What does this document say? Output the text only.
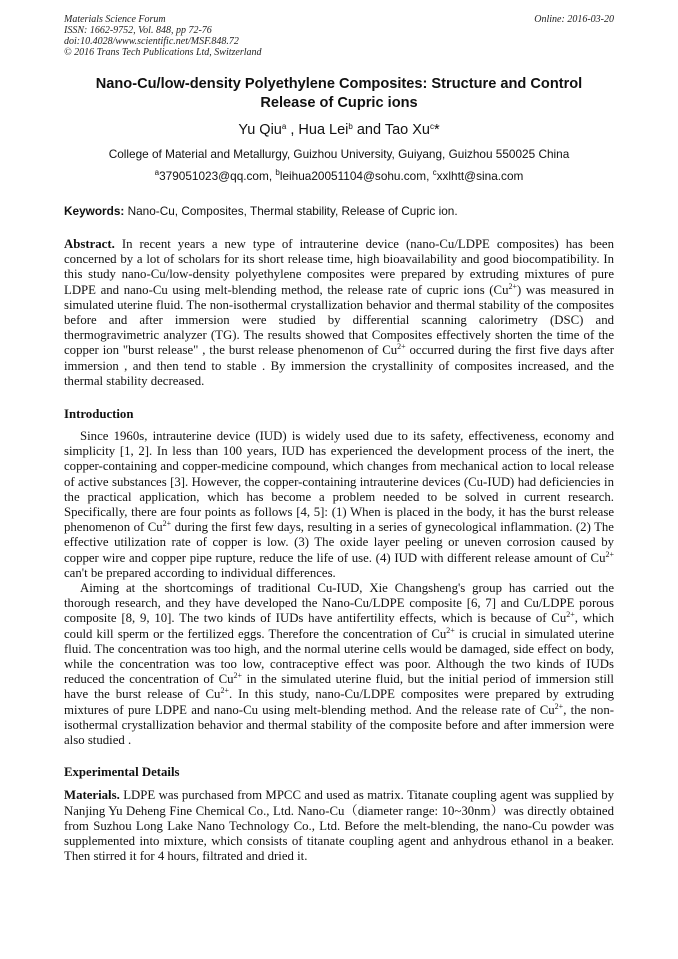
Materials Science Forum
ISSN: 1662-9752, Vol. 848, pp 72-76
doi:10.4028/www.scientific.net/MSF.848.72
© 2016 Trans Tech Publications Ltd, Switzerland
Online: 2016-03-20
Nano-Cu/low-density Polyethylene Composites: Structure and Control Release of Cupric ions
Yu Qiu$^a$ , Hua Lei$^b$ and Tao Xu$^c$*
College of Material and Metallurgy, Guizhou University, Guiyang, Guizhou 550025 China
$^a$379051023@qq.com, $^b$leihua20051104@sohu.com, $^c$xxlhtt@sina.com
Keywords: Nano-Cu, Composites, Thermal stability, Release of Cupric ion.

Abstract. In recent years a new type of intrauterine device (nano-Cu/LDPE composites) has been concerned by a lot of scholars for its short release time, high bioavailability and good biocompatibility. In this study nano-Cu/low-density polyethylene composites were prepared by extruding mixtures of pure LDPE and nano-Cu using melt-blending method, the release rate of cupric ions $(Cu^{2+})$ was measured in simulated uterine fluid. The non-isothermal crystallization behavior and thermal stability of the composites before and after immersion were studied by differential scanning calorimetry (DSC) and thermogravimetric analyzer (TG). The results showed that Composites effectively shorten the time of the copper ion "burst release" , the burst release phenomenon of $Cu^{2+}$ occurred during the first five days after immersion , and then tend to stable . By immersion the crystallinity of composites increased, and the thermal stability decreased.

Introduction

Since 1960s, intrauterine device (IUD) is widely used due to its safety, effectiveness, economy and simplicity [1, 2]. In less than 100 years, IUD has experienced the development process of the inert, the copper-containing and copper-medicine compound, which changes from mechanical action to local release of active substances [3]. However, the copper-containing intrauterine devices (Cu-IUD) had deficiencies in the practical application, which has become a problem needed to be solved in current research. Specifically, there are four points as follows [4, 5]: (1) When is placed in the body, it has the burst release phenomenon of $Cu^{2+}$ during the first few days, resulting in a series of gynecological inflammation. (2) The effective utilization rate of copper is low. (3) The oxide layer peeling or uneven corrosion caused by copper wire and copper pipe rupture, reduce the life of use. (4) IUD with different release amount of $Cu^{2+}$ can't be prepared according to individual differences.

Aiming at the shortcomings of traditional Cu-IUD, Xie Changsheng's group has carried out the thorough research, and they have developed the Nano-Cu/LDPE composite [6, 7] and Cu/LDPE porous composite [8, 9, 10]. The two kinds of IUDs have antifertility effects, which is because of $Cu^{2+}$, which could kill sperm or the fertilized eggs. Therefore the concentration of $Cu^{2+}$ is crucial in simulated uterine fluid. The concentration was too high, and the normal uterine cells would be damaged, side effect on body, while the concentration was too low, contraceptive effect was poor. Although the two kinds of IUDs reduced the concentration of $Cu^{2+}$ in the simulated uterine fluid, but the initial period of immersion still have the burst release of $Cu^{2+}$. In this study, nano-Cu/LDPE composites were prepared by extruding mixtures of pure LDPE and nano-Cu using melt-blending method. And the release rate of $Cu^{2+}$, the non-isothermal crystallization behavior and thermal stability of the composite before and after immersion were also studied .

Experimental Details

Materials. LDPE was purchased from MPCC and used as matrix. Titanate coupling agent was supplied by Nanjing Yu Deheng Fine Chemical Co., Ltd. Nano-Cu（diameter range: 10~30nm）was directly obtained from Suzhou Long Lake Nano Technology Co., Ltd. Before the melt-blending, the nano-Cu powder was supplemented into mixture, which consists of titanate coupling agent and anhydrous ethanol in a beaker. Then stirred it for 4 hours, filtrated and dried it.
